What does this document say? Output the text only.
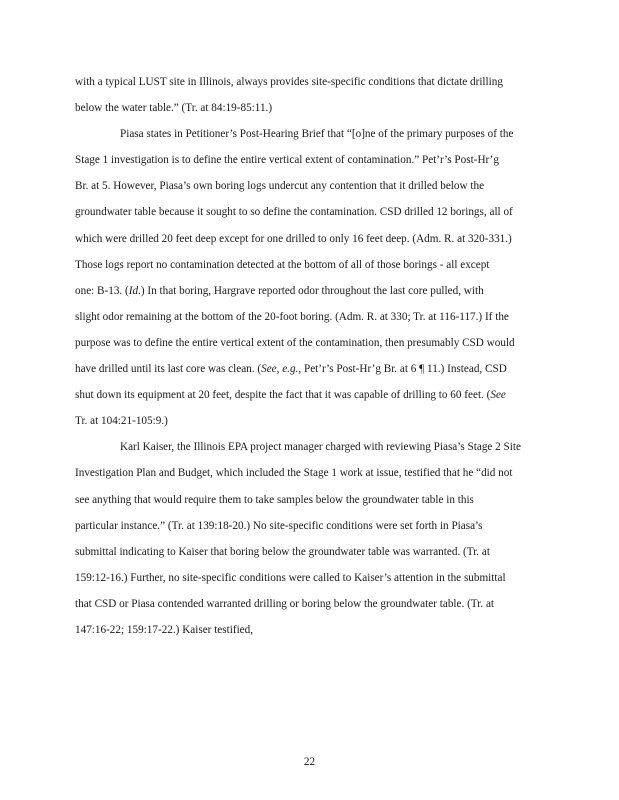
with a typical LUST site in Illinois, always provides site-specific conditions that dictate drilling
below the water table.” (Tr. at 84:19-85:11.)
Piasa states in Petitioner’s Post-Hearing Brief that “[o]ne of the primary purposes of the
Stage 1 investigation is to define the entire vertical extent of contamination.” Pet’r’s Post-Hr’g
Br. at 5. However, Piasa’s own boring logs undercut any contention that it drilled below the
groundwater table because it sought to so define the contamination. CSD drilled 12 borings, all of
which were drilled 20 feet deep except for one drilled to only 16 feet deep. (Adm. R. at 320-331.)
Those logs report no contamination detected at the bottom of all of those borings - all except
one: B-13. (Id.) In that boring, Hargrave reported odor throughout the last core pulled, with
slight odor remaining at the bottom of the 20-foot boring. (Adm. R. at 330; Tr. at 116-117.) If the
purpose was to define the entire vertical extent of the contamination, then presumably CSD would
have drilled until its last core was clean. (See, e.g., Pet’r’s Post-Hr’g Br. at 6 ¶ 11.) Instead, CSD
shut down its equipment at 20 feet, despite the fact that it was capable of drilling to 60 feet. (See
Tr. at 104:21-105:9.)
Karl Kaiser, the Illinois EPA project manager charged with reviewing Piasa’s Stage 2 Site
Investigation Plan and Budget, which included the Stage 1 work at issue, testified that he “did not
see anything that would require them to take samples below the groundwater table in this
particular instance.” (Tr. at 139:18-20.) No site-specific conditions were set forth in Piasa’s
submittal indicating to Kaiser that boring below the groundwater table was warranted. (Tr. at
159:12-16.) Further, no site-specific conditions were called to Kaiser’s attention in the submittal
that CSD or Piasa contended warranted drilling or boring below the groundwater table. (Tr. at
147:16-22; 159:17-22.) Kaiser testified,
22
